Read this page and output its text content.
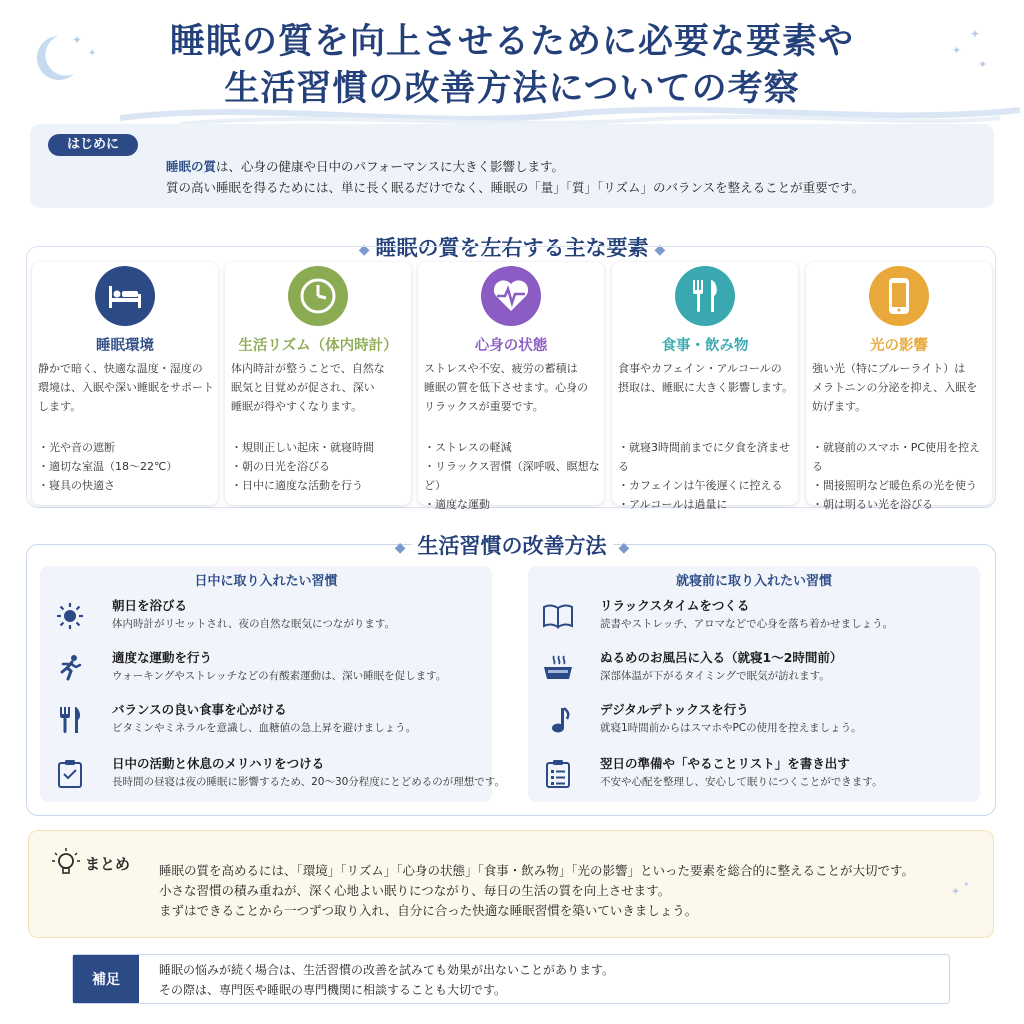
✦
✦
✦
✦
✦
睡眠の質を向上させるために必要な要素や
生活習慣の改善方法についての考察
はじめに
睡眠の質は、心身の健康や日中のパフォーマンスに大きく影響します。
質の高い睡眠を得るためには、単に長く眠るだけでなく、睡眠の「量」「質」「リズム」のバランスを整えることが重要です。
◆ 睡眠の質を左右する主な要素 ◆
睡眠環境
静かで暗く、快適な温度・湿度の
環境は、入眠や深い睡眠をサポート
します。
・ 光や音の遮断
・ 適切な室温（18〜22℃）
・ 寝具の快適さ
生活リズム（体内時計）
体内時計が整うことで、自然な
眠気と目覚めが促され、深い
睡眠が得やすくなります。
・ 規則正しい起床・就寝時間
・ 朝の日光を浴びる
・ 日中に適度な活動を行う
心身の状態
ストレスや不安、疲労の蓄積は
睡眠の質を低下させます。心身の
リラックスが重要です。
・ ストレスの軽減
・ リラックス習慣（深呼吸、瞑想など）
・ 適度な運動
食事・飲み物
食事やカフェイン・アルコールの
摂取は、睡眠に大きく影響します。
・ 就寝3時間前までに夕食を済ませる
・ カフェインは午後遅くに控える
・ アルコールは過量に
光の影響
強い光（特にブルーライト）は
メラトニンの分泌を抑え、入眠を
妨げます。
・ 就寝前のスマホ・PC使用を控える
・ 間接照明など暖色系の光を使う
・ 朝は明るい光を浴びる
◆ 生活習慣の改善方法 ◆
日中に取り入れたい習慣
朝日を浴びる
体内時計がリセットされ、夜の自然な眠気につながります。
適度な運動を行う
ウォーキングやストレッチなどの有酸素運動は、深い睡眠を促します。
バランスの良い食事を心がける
ビタミンやミネラルを意識し、血糖値の急上昇を避けましょう。
日中の活動と休息のメリハリをつける
長時間の昼寝は夜の睡眠に影響するため、20〜30分程度にとどめるのが理想です。
就寝前に取り入れたい習慣
リラックスタイムをつくる
読書やストレッチ、アロマなどで心身を落ち着かせましょう。
ぬるめのお風呂に入る（就寝1〜2時間前）
深部体温が下がるタイミングで眠気が訪れます。
デジタルデトックスを行う
就寝1時間前からはスマホやPCの使用を控えましょう。
翌日の準備や「やることリスト」を書き出す
不安や心配を整理し、安心して眠りにつくことができます。
まとめ 睡眠の質を高めるには、「環境」「リズム」「心身の状態」「食事・飲み物」「光の影響」といった要素を総合的に整えることが大切です。
小さな習慣の積み重ねが、深く心地よい眠りにつながり、毎日の生活の質を向上させます。
まずはできることから一つずつ取り入れ、自分に合った快適な睡眠習慣を築いていきましょう。
✦
✦
補足
睡眠の悩みが続く場合は、生活習慣の改善を試みても効果が出ないことがあります。
その際は、専門医や睡眠の専門機関に相談することも大切です。
